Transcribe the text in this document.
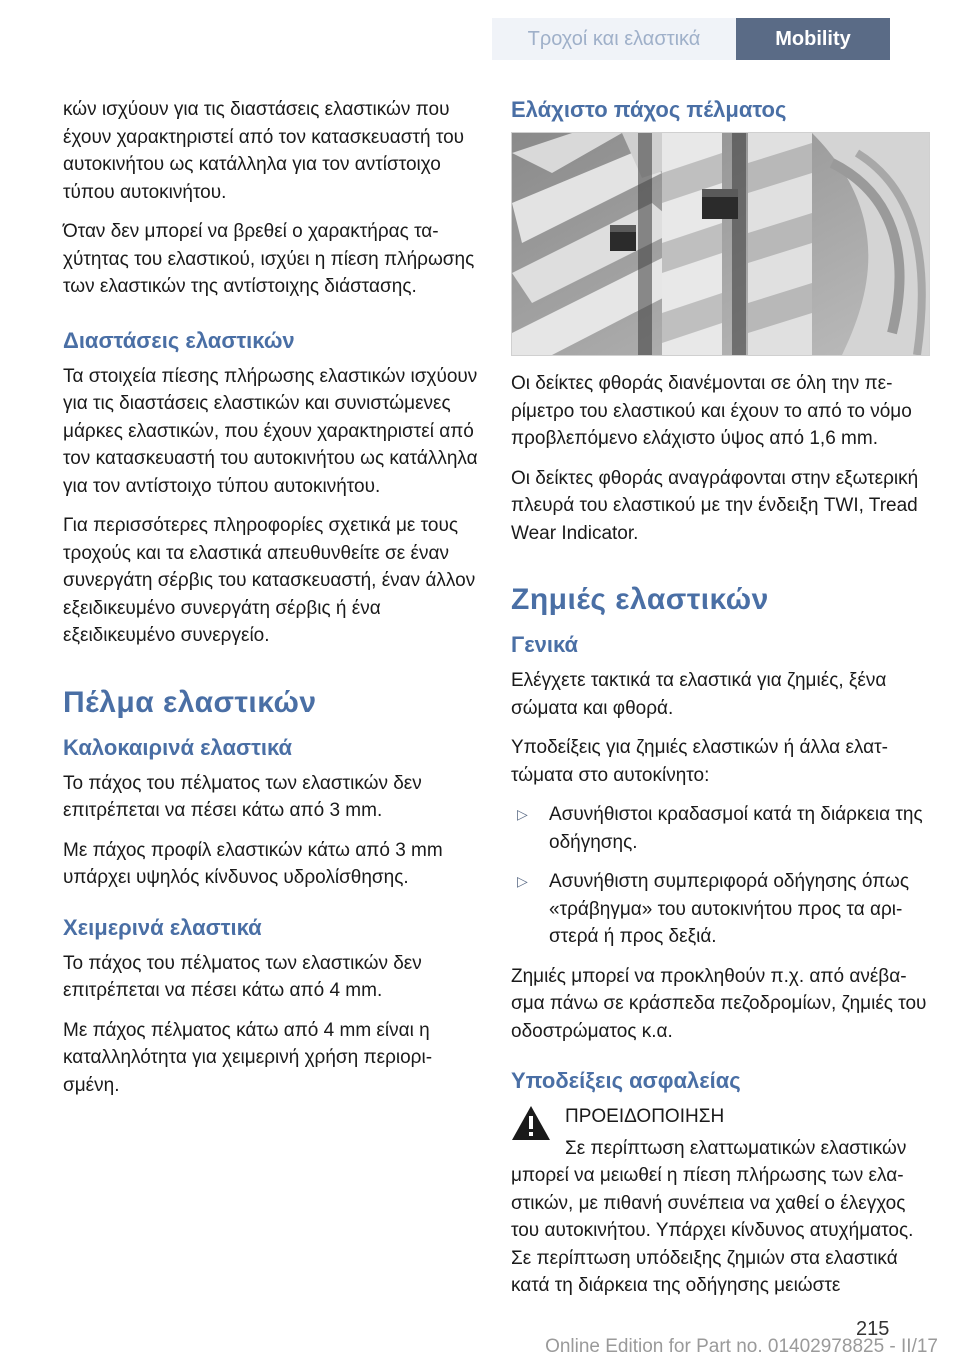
Τροχοί και ελαστικά	Mobility

κών ισχύουν για τις διαστάσεις ελαστικών που έχουν χαρακτηριστεί από τον κατασκευαστή του αυτοκινήτου ως κατάλληλα για τον αντίστοιχο τύπου αυτοκινήτου.

Όταν δεν μπορεί να βρεθεί ο χαρακτήρας ταχύτητας του ελαστικού, ισχύει η πίεση πλήρωσης των ελαστικών της αντίστοιχης διάστασης.

Διαστάσεις ελαστικών

Τα στοιχεία πίεσης πλήρωσης ελαστικών ισχύουν για τις διαστάσεις ελαστικών και συνιστώμενες μάρκες ελαστικών, που έχουν χαρακτηριστεί από τον κατασκευαστή του αυτοκινήτου ως κατάλληλα για τον αντίστοιχο τύπου αυτοκινήτου.

Για περισσότερες πληροφορίες σχετικά με τους τροχούς και τα ελαστικά απευθυνθείτε σε έναν συνεργάτη σέρβις του κατασκευαστή, έναν άλλον εξειδικευμένο συνεργάτη σέρβις ή ένα εξειδικευμένο συνεργείο.

Πέλμα ελαστικών
Καλοκαιρινά ελαστικά

Το πάχος του πέλματος των ελαστικών δεν επιτρέπεται να πέσει κάτω από 3 mm.

Με πάχος προφίλ ελαστικών κάτω από 3 mm υπάρχει υψηλός κίνδυνος υδρολίσθησης.

Χειμερινά ελαστικά

Το πάχος του πέλματος των ελαστικών δεν επιτρέπεται να πέσει κάτω από 4 mm.

Με πάχος πέλματος κάτω από 4 mm είναι η καταλληλότητα για χειμερινή χρήση περιορισμένη.

Ελάχιστο πάχος πέλματος

Οι δείκτες φθοράς διανέμονται σε όλη την περίμετρο του ελαστικού και έχουν το από το νόμο προβλεπόμενο ελάχιστο ύψος από 1,6 mm.

Οι δείκτες φθοράς αναγράφονται στην εξωτερική πλευρά του ελαστικού με την ένδειξη TWI, Tread Wear Indicator.

Ζημιές ελαστικών
Γενικά

Ελέγχετε τακτικά τα ελαστικά για ζημιές, ξένα σώματα και φθορά.

Υποδείξεις για ζημιές ελαστικών ή άλλα ελαττώματα στο αυτοκίνητο:

▷ Ασυνήθιστοι κραδασμοί κατά τη διάρκεια της οδήγησης.
▷ Ασυνήθιστη συμπεριφορά οδήγησης όπως «τράβηγμα» του αυτοκινήτου προς τα αριστερά ή προς δεξιά.

Ζημιές μπορεί να προκληθούν π.χ. από ανέβασμα πάνω σε κράσπεδα πεζοδρομίων, ζημιές του οδοστρώματος κ.α.

Υποδείξεις ασφαλείας
ΠΡΟΕΙΔΟΠΟΙΗΣΗ

Σε περίπτωση ελαττωματικών ελαστικών μπορεί να μειωθεί η πίεση πλήρωσης των ελαστικών, με πιθανή συνέπεια να χαθεί ο έλεγχος του αυτοκινήτου. Υπάρχει κίνδυνος ατυχήματος. Σε περίπτωση υπόδειξης ζημιών στα ελαστικά κατά τη διάρκεια της οδήγησης μειώστε

215
Online Edition for Part no. 01402978825 - II/17
